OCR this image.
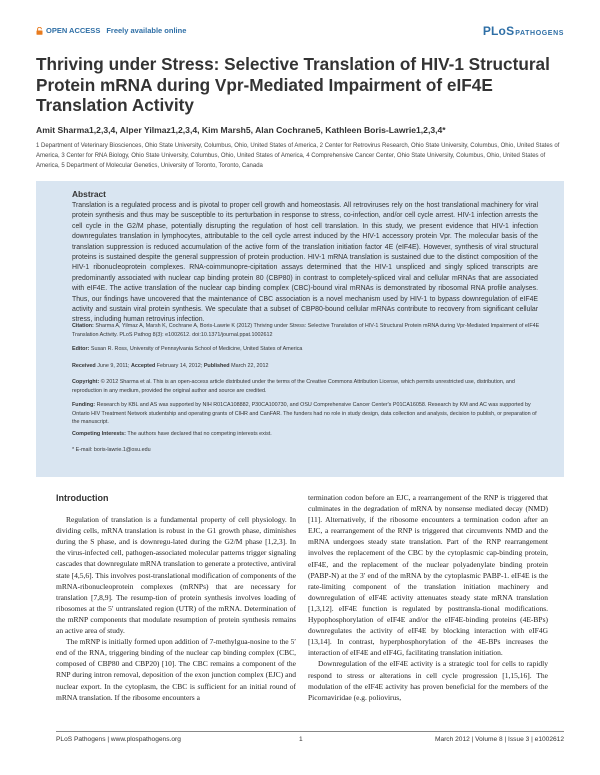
OPEN ACCESS Freely available online	PLoSPATHOGENS
Thriving under Stress: Selective Translation of HIV-1 Structural Protein mRNA during Vpr-Mediated Impairment of eIF4E Translation Activity
Amit Sharma1,2,3,4, Alper Yilmaz1,2,3,4, Kim Marsh5, Alan Cochrane5, Kathleen Boris-Lawrie1,2,3,4*
1 Department of Veterinary Biosciences, Ohio State University, Columbus, Ohio, United States of America, 2 Center for Retrovirus Research, Ohio State University, Columbus, Ohio, United States of America, 3 Center for RNA Biology, Ohio State University, Columbus, Ohio, United States of America, 4 Comprehensive Cancer Center, Ohio State University, Columbus, Ohio, United States of America, 5 Department of Molecular Genetics, University of Toronto, Toronto, Canada
Abstract
Translation is a regulated process and is pivotal to proper cell growth and homeostasis. All retroviruses rely on the host translational machinery for viral protein synthesis and thus may be susceptible to its perturbation in response to stress, co-infection, and/or cell cycle arrest. HIV-1 infection arrests the cell cycle in the G2/M phase, potentially disrupting the regulation of host cell translation. In this study, we present evidence that HIV-1 infection downregulates translation in lymphocytes, attributable to the cell cycle arrest induced by the HIV-1 accessory protein Vpr. The molecular basis of the translation suppression is reduced accumulation of the active form of the translation initiation factor 4E (eIF4E). However, synthesis of viral structural proteins is sustained despite the general suppression of protein production. HIV-1 mRNA translation is sustained due to the distinct composition of the HIV-1 ribonucleoprotein complexes. RNA-coimmunopre-cipitation assays determined that the HIV-1 unspliced and singly spliced transcripts are predominantly associated with nuclear cap binding protein 80 (CBP80) in contrast to completely-spliced viral and cellular mRNAs that are associated with eIF4E. The active translation of the nuclear cap binding complex (CBC)-bound viral mRNAs is demonstrated by ribosomal RNA profile analyses. Thus, our findings have uncovered that the maintenance of CBC association is a novel mechanism used by HIV-1 to bypass downregulation of eIF4E activity and sustain viral protein synthesis. We speculate that a subset of CBP80-bound cellular mRNAs contribute to recovery from significant cellular stress, including human retrovirus infection.
Citation: Sharma A, Yilmaz A, Marsh K, Cochrane A, Boris-Lawrie K (2012) Thriving under Stress: Selective Translation of HIV-1 Structural Protein mRNA during Vpr-Mediated Impairment of eIF4E Translation Activity. PLoS Pathog 8(3): e1002612. doi:10.1371/journal.ppat.1002612
Editor: Susan R. Ross, University of Pennsylvania School of Medicine, United States of America
Received June 9, 2011; Accepted February 14, 2012; Published March 22, 2012
Copyright: © 2012 Sharma et al. This is an open-access article distributed under the terms of the Creative Commons Attribution License, which permits unrestricted use, distribution, and reproduction in any medium, provided the original author and source are credited.
Funding: Research by KBL and AS was supported by NIH R01CA108882, P30CA100730, and OSU Comprehensive Cancer Center's P01CA16058. Research by KM and AC was supported by Ontario HIV Treatment Network studentship and operating grants of CIHR and CanFAR. The funders had no role in study design, data collection and analysis, decision to publish, or preparation of the manuscript.
Competing Interests: The authors have declared that no competing interests exist.
* E-mail: boris-lawrie.1@osu.edu
Introduction

Regulation of translation is a fundamental property of cell physiology. In dividing cells, mRNA translation is robust in the G1 growth phase, diminishes during the S phase, and is downregu-lated during the G2/M phase [1,2,3]. In the virus-infected cell, pathogen-associated molecular patterns trigger signaling cascades that downregulate mRNA translation to generate a protective, antiviral state [4,5,6]. This involves post-translational modification of components of the mRNA-ribonucleoprotein complexes (mRNPs) that are necessary for translation [7,8,9]. The resump-tion of protein synthesis involves loading of ribosomes at the 5′ untranslated region (UTR) of the mRNA. Determination of the mRNP components that modulate resumption of protein synthesis remains an active area of study.

The mRNP is initially formed upon addition of 7-methylgua-nosine to the 5′ end of the RNA, triggering binding of the nuclear cap binding complex (CBC, composed of CBP80 and CBP20) [10]. The CBC remains a component of the RNP during intron removal, deposition of the exon junction complex (EJC) and nuclear export. In the cytoplasm, the CBC is sufficient for an initial round of mRNA translation. If the ribosome encounters a

termination codon before an EJC, a rearrangement of the RNP is triggered that culminates in the degradation of mRNA by nonsense mediated decay (NMD) [11]. Alternatively, if the ribosome encounters a termination codon after an EJC, a rearrangement of the RNP is triggered that circumvents NMD and the mRNA undergoes steady state translation. Part of the RNP rearrangement involves the replacement of the CBC by the cytoplasmic cap-binding protein, eIF4E, and the replacement of the nuclear polyadenylate binding protein (PABP-N) at the 3′ end of the mRNA by the cytoplasmic PABP-1. eIF4E is the rate-limiting component of the translation initiation machinery and downregulation of eIF4E activity attenuates steady state mRNA translation [1,3,12]. eIF4E function is regulated by posttransla-tional modifications. Hypophosphorylation of eIF4E and/or the eIF4E-binding proteins (4E-BPs) downregulates the activity of eIF4E by blocking interaction with eIF4G [13,14]. In contrast, hyperphosphorylation of the 4E-BPs increases the interaction of eIF4E and eIF4G, facilitating translation initiation.

Downregulation of the eIF4E activity is a strategic tool for cells to rapidly respond to stress or alterations in cell cycle progression [1,15,16]. The modulation of the eIF4E activity has proven beneficial for the members of the Picornaviridae (e.g. poliovirus,

PLoS Pathogens | www.plospathogens.org	1	March 2012 | Volume 8 | Issue 3 | e1002612
